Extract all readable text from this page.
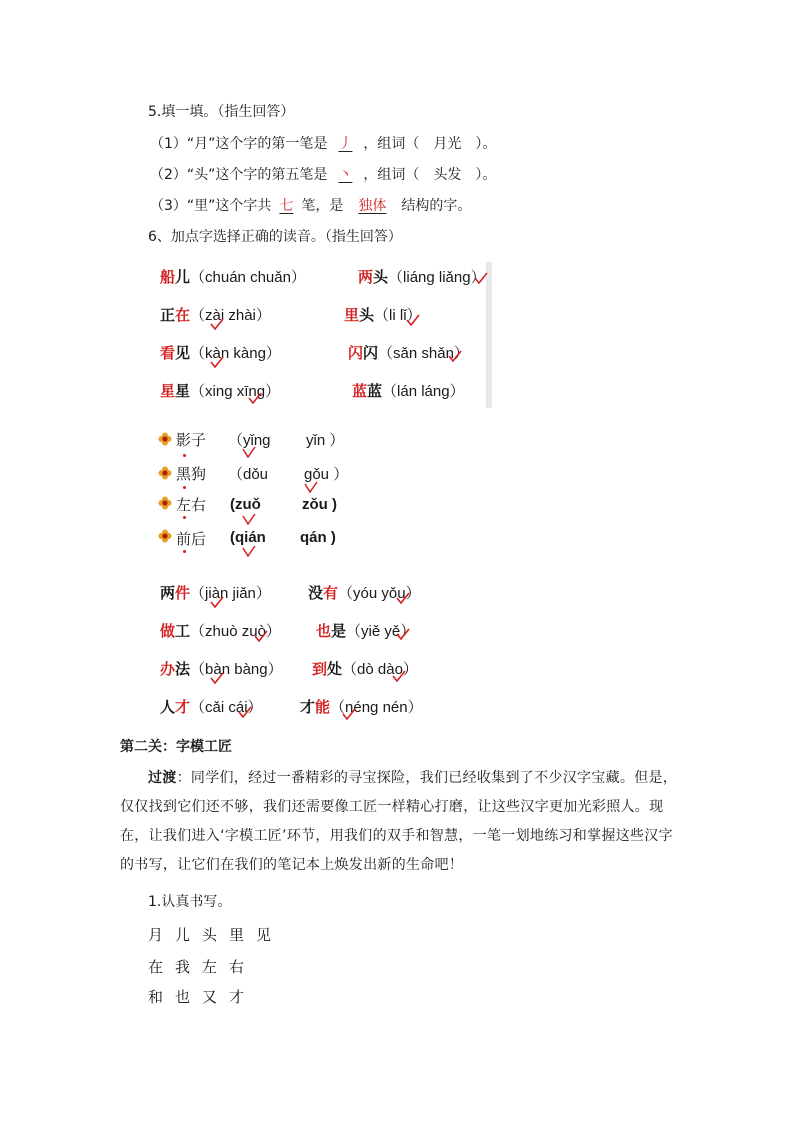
5.填一填。（指生回答）
（1）“月”这个字的第一笔是 丿 ，组词（ 月光 ）。
（2）“头”这个字的第五笔是 丶 ，组词（ 头发 ）。
（3）“里”这个字共 七 笔，是 独体 结构的字。
6、加点字选择正确的读音。（指生回答）
船儿（chuán chuǎn）	两头（liáng liǎng）
正在（zài zhài）	里头（li lǐ）
看见（kàn kàng）	闪闪（sǎn shǎn）
星星（xing xīng）	蓝蓝（lán láng）
影子 （yǐng yǐn ）
黑狗 （dǒu gǒu ）
左右 (zuǒ	zǒu )
前后 (qián qán )
两件（jiàn jiǎn） 没有（yóu yǒu）
做工（zhuò zuò） 也是（yiě yě）
办法（bàn bàng） 到处（dò dào）
人才（cǎi cái） 才能（néng nén）
第二关：字模工匠
过渡：同学们，经过一番精彩的寻宝探险，我们已经收集到了不少汉字宝藏。但是，仅仅找到它们还不够，我们还需要像工匠一样精心打磨，让这些汉字更加光彩照人。现在，让我们进入‘字模工匠’环节，用我们的双手和智慧，一笔一划地练习和掌握这些汉字的书写，让它们在我们的笔记本上焕发出新的生命吧！
1.认真书写。
月儿头里见
在我左右
和也又才
